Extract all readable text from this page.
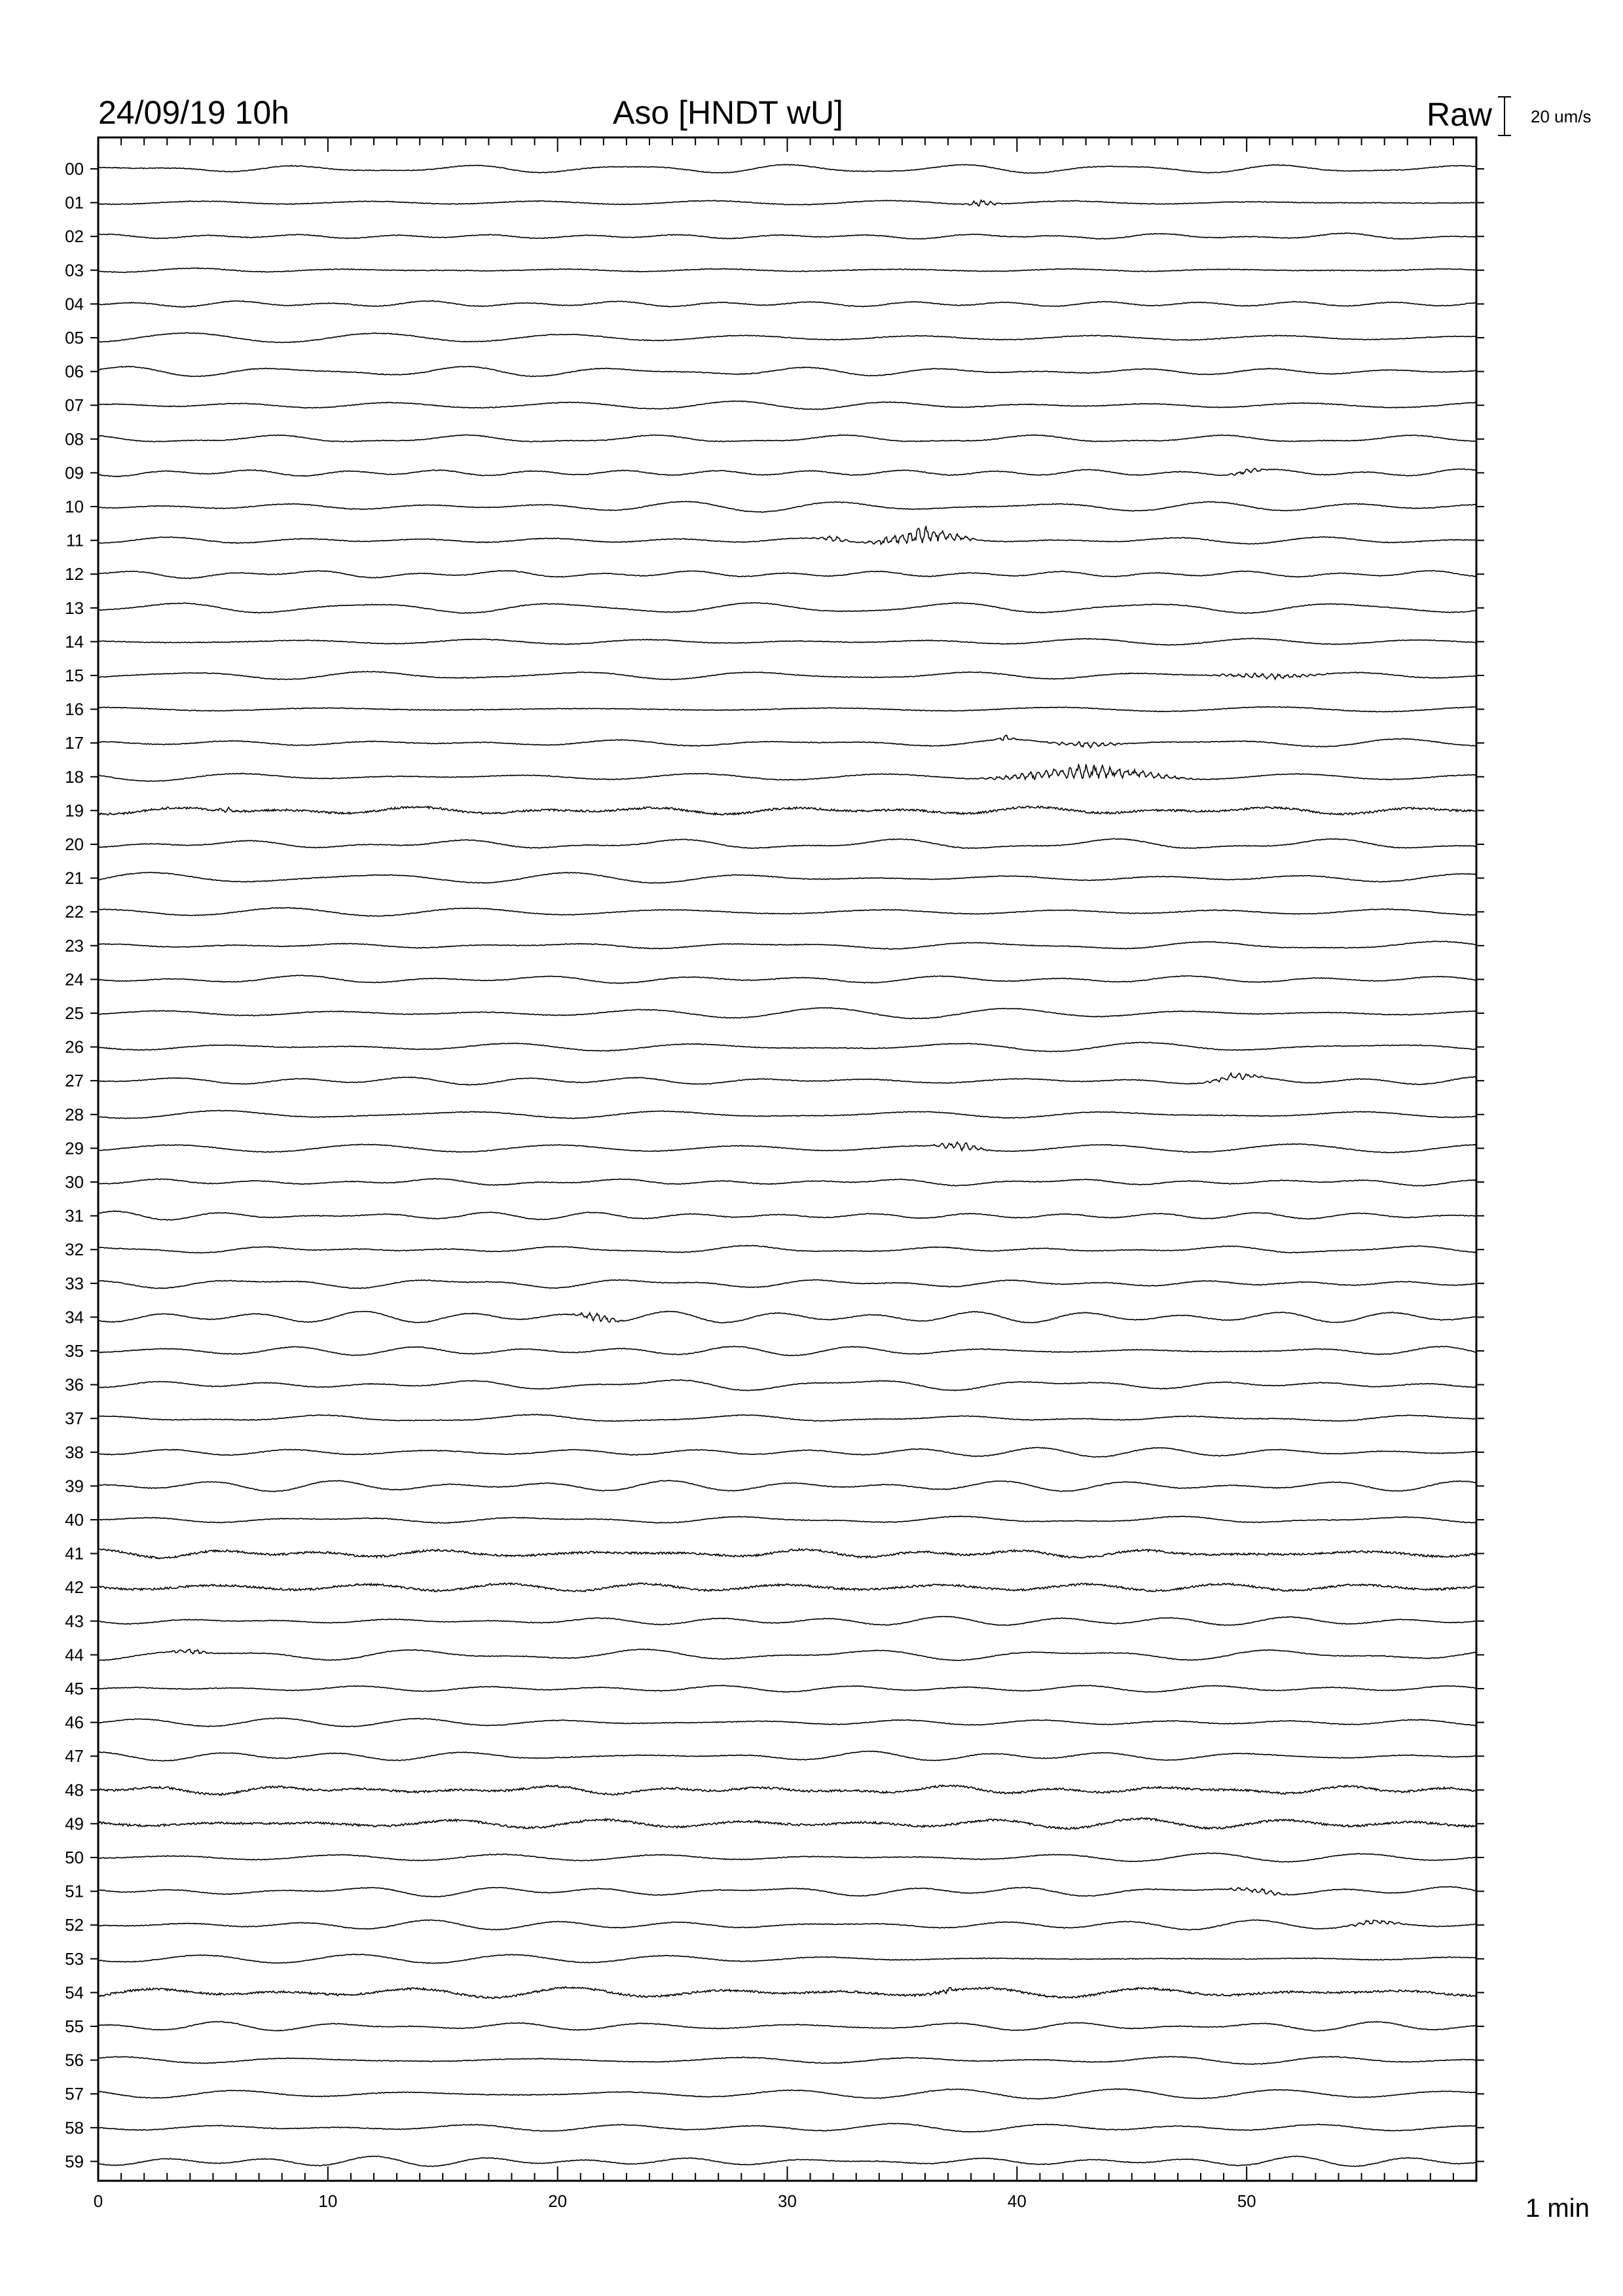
24/09/19 10h	Aso [HNDT wU]	Raw 20 um/s
1 min
00
01
02
03
04
05
06
07
08
09
10
11
12
13
14
15
16
17
18
19
20
21
22
23
24
25
26
27
28
29
30
31
32
33
34
35
36
37
38
39
40
41
42
43
44
45
46
47
48
49
50
51
52
53
54
55
56
57
58
59
0	10	20	30	40	50
